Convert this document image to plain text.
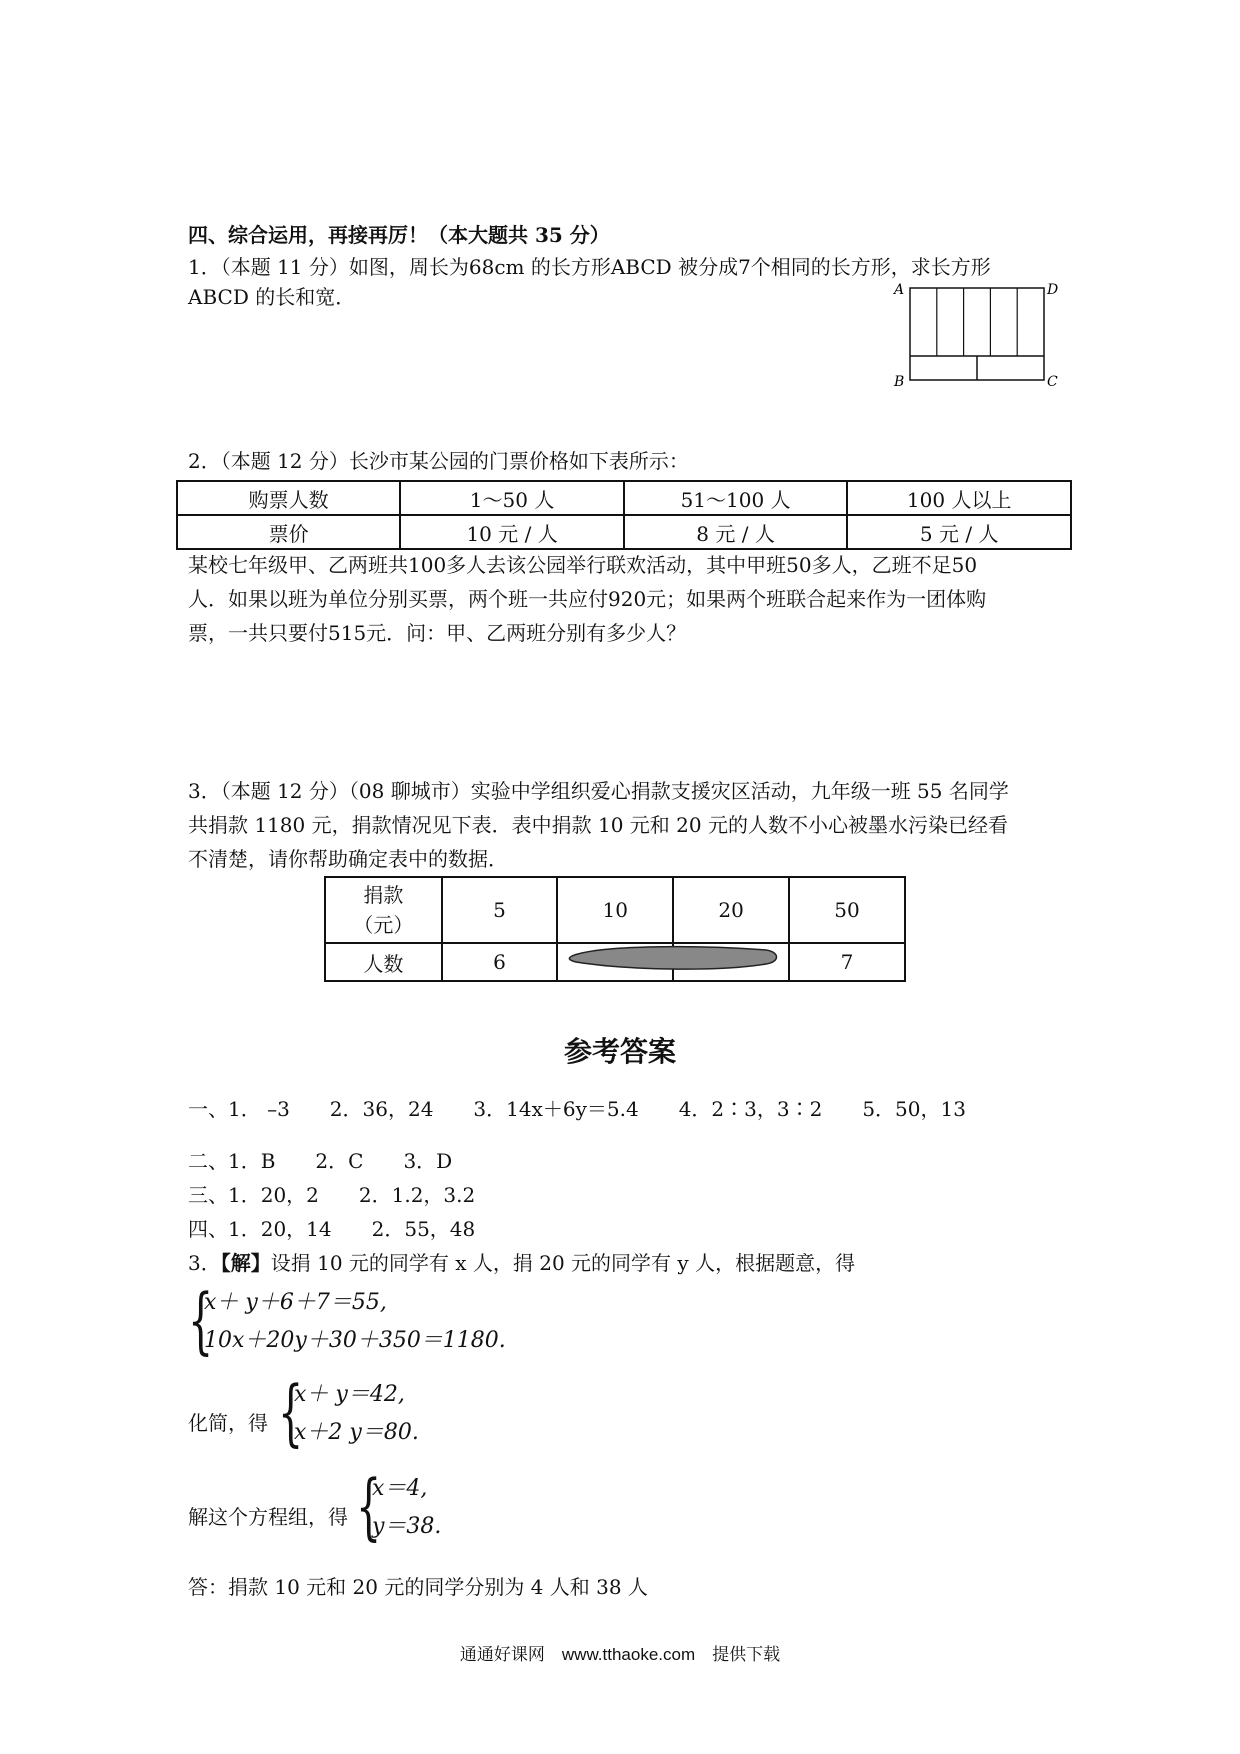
四、综合运用，再接再厉！（本大题共 35 分）
1．（本题 11 分）如图，周长为68cm 的长方形ABCD 被分成7个相同的长方形，求长方形
ABCD 的长和宽．	A	D
B	C
2．（本题 12 分）长沙市某公园的门票价格如下表所示：
购票人数	1～50 人	51～100 人	100 人以上
票价	10 元 / 人	8 元 / 人	5 元 / 人
某校七年级甲、乙两班共100多人去该公园举行联欢活动，其中甲班50多人，乙班不足50
人．如果以班为单位分别买票，两个班一共应付920元；如果两个班联合起来作为一团体购
票，一共只要付515元．问：甲、乙两班分别有多少人？
3．（本题 12 分）（08 聊城市）实验中学组织爱心捐款支援灾区活动，九年级一班 55 名同学
共捐款 1180 元，捐款情况见下表．表中捐款 10 元和 20 元的人数不小心被墨水污染已经看
不清楚，请你帮助确定表中的数据．
捐款
（元）	5	10	20	50
人数	6			7
参考答案
一、1． –3　　2．36，24　　3．14x＋6y＝5.4　　4．2∶3，3∶2　　5．50，13
二、1．B　　2．C　　3．D
三、1．20，2　　2．1.2，3.2
四、1．20，14　　2．55，48
3．【解】设捐 10 元的同学有 x 人，捐 20 元的同学有 y 人，根据题意，得
{
x＋ y＋6＋7＝55,
10x＋20y＋30＋350＝1180.
化简，得 {
x＋ y＝42,
x＋2 y＝80.
解这个方程组，得 {
x＝4,
y＝38.
答：捐款 10 元和 20 元的同学分别为 4 人和 38 人
通通好课网　www.tthaoke.com　提供下载
